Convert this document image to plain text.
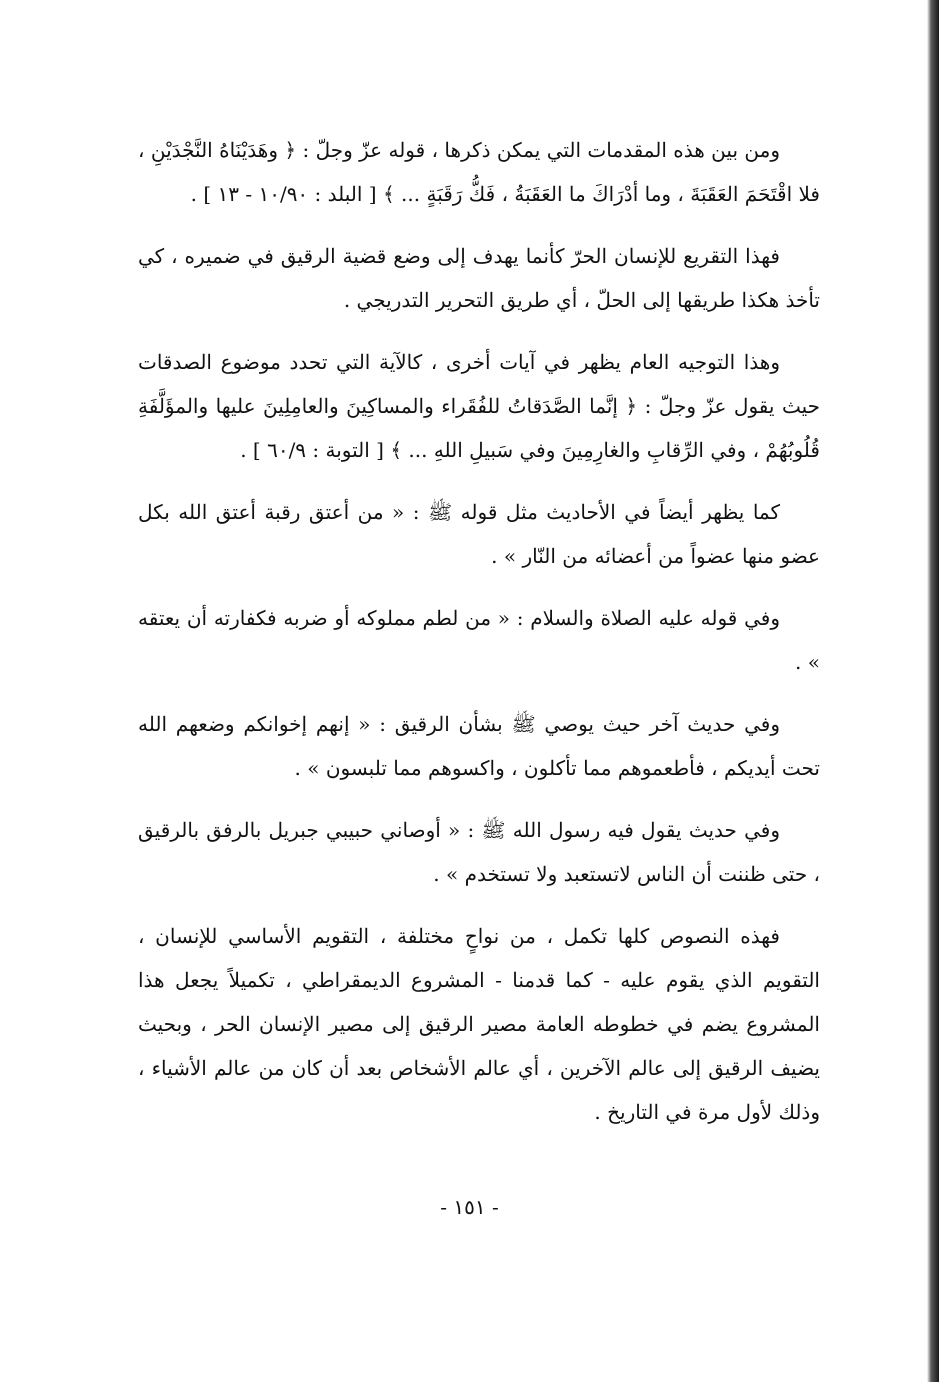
ومن بين هذه المقدمات التي يمكن ذكرها ، قوله عزّ وجلّ : ﴿ وهَدَيْنَاهُ النَّجْدَيْنِ ، فلا اقْتَحَمَ العَقَبَةَ ، وما أدْرَاكَ ما العَقَبَةُ ، فَكُّ رَقَبَةٍ ... ﴾ [ البلد : ١٠/٩٠ - ١٣ ] .

فهذا التقريع للإنسان الحرّ كأنما يهدف إلى وضع قضية الرقيق في ضميره ، كي تأخذ هكذا طريقها إلى الحلّ ، أي طريق التحرير التدريجي .

وهذا التوجيه العام يظهر في آيات أخرى ، كالآية التي تحدد موضوع الصدقات حيث يقول عزّ وجلّ : ﴿ إنَّما الصَّدَقاتُ للفُقَراء والمساكِينَ والعامِلِينَ عليها والمؤَلَّفَةِ قُلُوبُهُمْ ، وفي الرِّقابِ والغارِمِينَ وفي سَبيلِ اللهِ ... ﴾ [ التوبة : ٦٠/٩ ] .

كما يظهر أيضاً في الأحاديث مثل قوله ﷺ : « من أعتق رقبة أعتق الله بكل عضو منها عضواً من أعضائه من النّار » .

وفي قوله عليه الصلاة والسلام : « من لطم مملوكه أو ضربه فكفارته أن يعتقه » .

وفي حديث آخر حيث يوصي ﷺ بشأن الرقيق : « إنهم إخوانكم وضعهم الله تحت أيديكم ، فأطعموهم مما تأكلون ، واكسوهم مما تلبسون » .

وفي حديث يقول فيه رسول الله ﷺ : « أوصاني حبيبي جبريل بالرفق بالرقيق ، حتى ظننت أن الناس لاتستعبد ولا تستخدم » .

فهذه النصوص كلها تكمل ، من نواحٍ مختلفة ، التقويم الأساسي للإنسان ، التقويم الذي يقوم عليه - كما قدمنا - المشروع الديمقراطي ، تكميلاً يجعل هذا المشروع يضم في خطوطه العامة مصير الرقيق إلى مصير الإنسان الحر ، وبحيث يضيف الرقيق إلى عالم الآخرين ، أي عالم الأشخاص بعد أن كان من عالم الأشياء ، وذلك لأول مرة في التاريخ .

- ١٥١ -
